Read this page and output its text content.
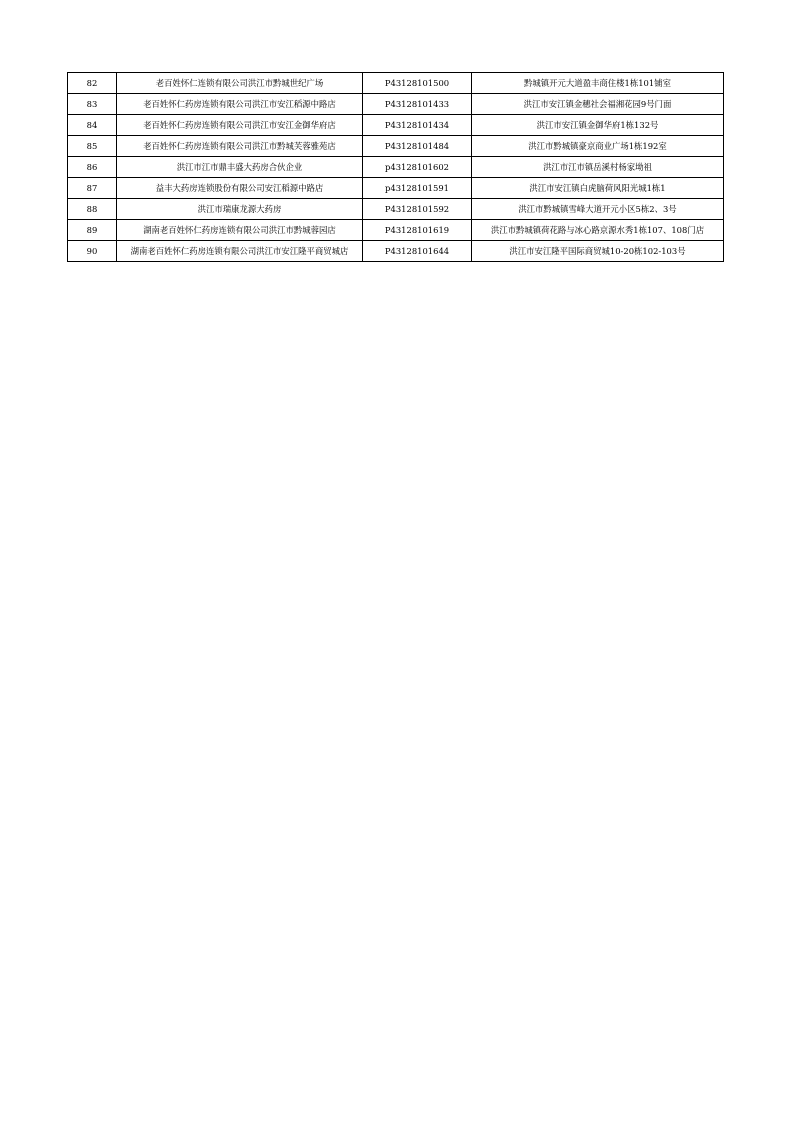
82	老百姓怀仁连锁有限公司洪江市黔城世纪广场	P43128101500	黔城镇开元大道盈丰商住楼1栋101铺室
83	老百姓怀仁药房连锁有限公司洪江市安江稻源中路店	P43128101433	洪江市安江镇金穗社会福湘花园9号门面
84	老百姓怀仁药房连锁有限公司洪江市安江金御华府店	P43128101434	洪江市安江镇金御华府1栋132号
85	老百姓怀仁药房连锁有限公司洪江市黔城芙蓉雅苑店	P43128101484	洪江市黔城镇豪京商业广场1栋192室
86	洪江市江市鼎丰盛大药房合伙企业	p43128101602	洪江市江市镇岳溪村杨家坳祖
87	益丰大药房连锁股份有限公司安江稻源中路店	p43128101591	洪江市安江镇白虎脑荷风阳光城1栋1
88	洪江市瑞康龙源大药房	P43128101592	洪江市黔城镇雪峰大道开元小区5栋2、3号
89	湖南老百姓怀仁药房连锁有限公司洪江市黔城蓉园店	P43128101619	洪江市黔城镇荷花路与冰心路京源水秀1栋107、108门店
90	湖南老百姓怀仁药房连锁有限公司洪江市安江隆平商贸城店	P43128101644	洪江市安江隆平国际商贸城10-20栋102-103号
